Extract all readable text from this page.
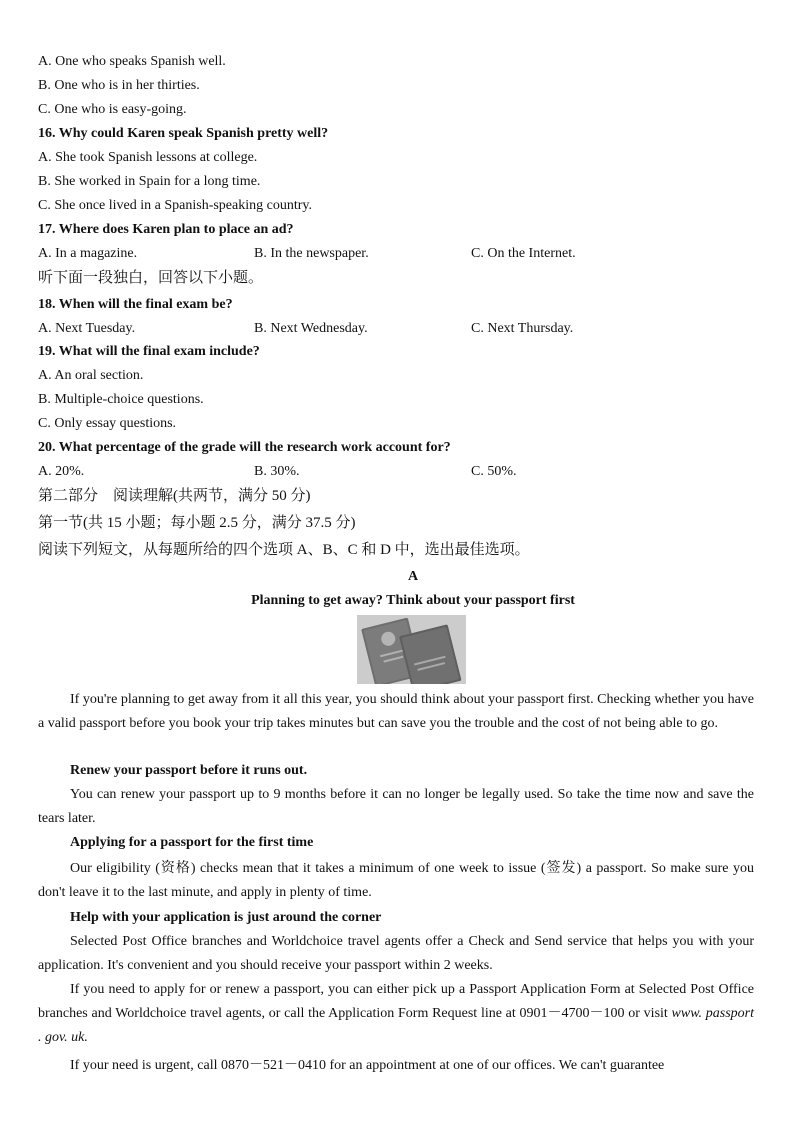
A. One who speaks Spanish well.
B. One who is in her thirties.
C. One who is easy-going.
16. Why could Karen speak Spanish pretty well?
A. She took Spanish lessons at college.
B. She worked in Spain for a long time.
C. She once lived in a Spanish-speaking country.
17. Where does Karen plan to place an ad?
A. In a magazine.	B. In the newspaper.	C. On the Internet.
听下面一段独白，回答以下小题。
18. When will the final exam be?
A. Next Tuesday.	B. Next Wednesday.	C. Next Thursday.
19. What will the final exam include?
A. An oral section.
B. Multiple-choice questions.
C. Only essay questions.
20. What percentage of the grade will the research work account for?
A. 20%.	B. 30%.	C. 50%.
第二部分　阅读理解(共两节，满分 50 分)
第一节(共 15 小题；每小题 2.5 分，满分 37.5 分)
阅读下列短文，从每题所给的四个选项 A、B、C 和 D 中，选出最佳选项。
A
Planning to get away? Think about your passport first
If you're planning to get away from it all this year, you should think about your passport first. Checking whether you have a valid passport before you book your trip takes minutes but can save you the trouble and the cost of not being able to go.
Renew your passport before it runs out.
You can renew your passport up to 9 months before it can no longer be legally used. So take the time now and save the tears later.
Applying for a passport for the first time
Our eligibility (资格) checks mean that it takes a minimum of one week to issue (签发) a passport. So make sure you don't leave it to the last minute, and apply in plenty of time.
Help with your application is just around the corner
Selected Post Office branches and Worldchoice travel agents offer a Check and Send service that helps you with your application. It's convenient and you should receive your passport within 2 weeks.
If you need to apply for or renew a passport, you can either pick up a Passport Application Form at Selected Post Office branches and Worldchoice travel agents, or call the Application Form Request line at 0901－4700－100 or visit www. passport . gov. uk.
If your need is urgent, call 0870－521－0410 for an appointment at one of our offices. We can't guarantee
